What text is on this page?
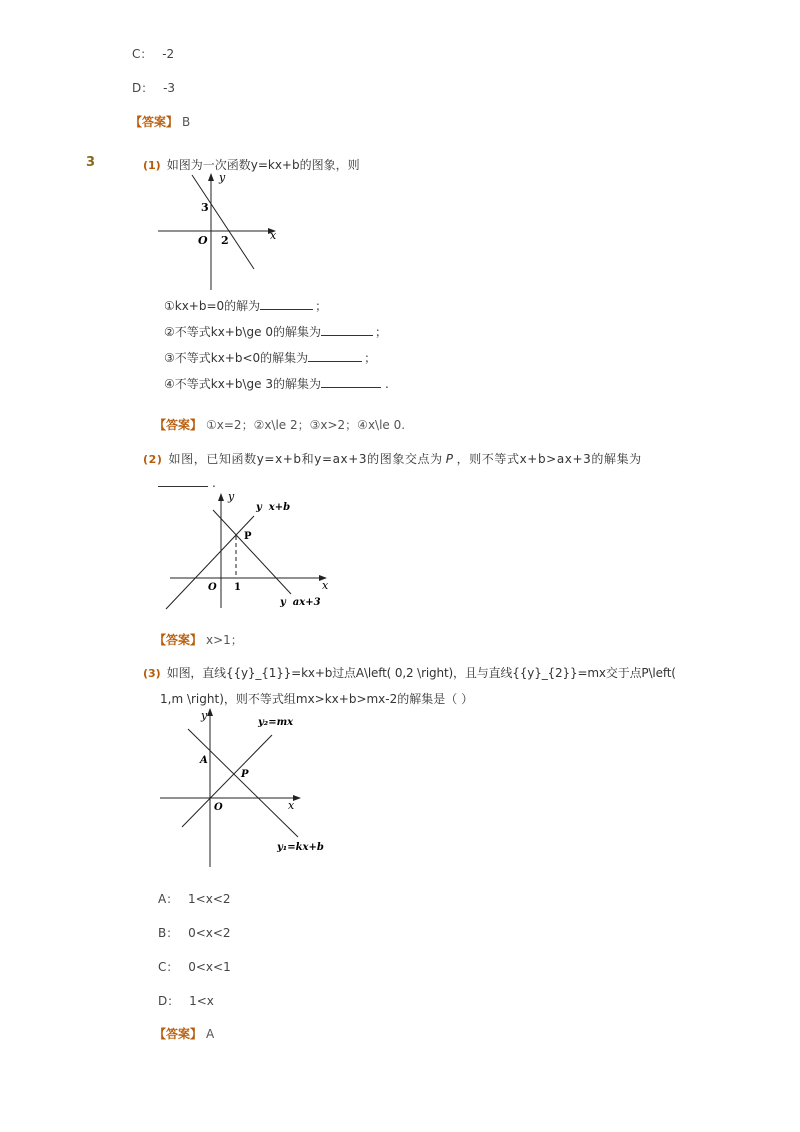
C： -2
D： -3
【答案】 B
3	(1) 如图为一次函数y=kx+b的图象，则
y
x
O
3
2
①kx+b=0的解为	；
②不等式kx+b\ge 0的解集为	；
③不等式kx+b<0的解集为	；
④不等式kx+b\ge 3的解集为	.
【答案】 ①x=2；②x\le 2；③x>2；④x\le 0.
(2) 如图，已知函数y=x+b和y=ax+3的图象交点为 P ，则不等式x+b>ax+3的解集为
.
y
x
O 1
P
y  x+b
y  ax+3
【答案】 x>1；
(3) 如图，直线{{y}_{1}}=kx+b过点A\left( 0,2 \right)，且与直线{{y}_{2}}=mx交于点P\left(
1,m \right)，则不等式组mx>kx+b>mx-2的解集是（ ）
y
x
O
A
P
y₂=mx
y₁=kx+b
A： 1<x<2
B： 0<x<2
C： 0<x<1
D： 1<x
【答案】 A
